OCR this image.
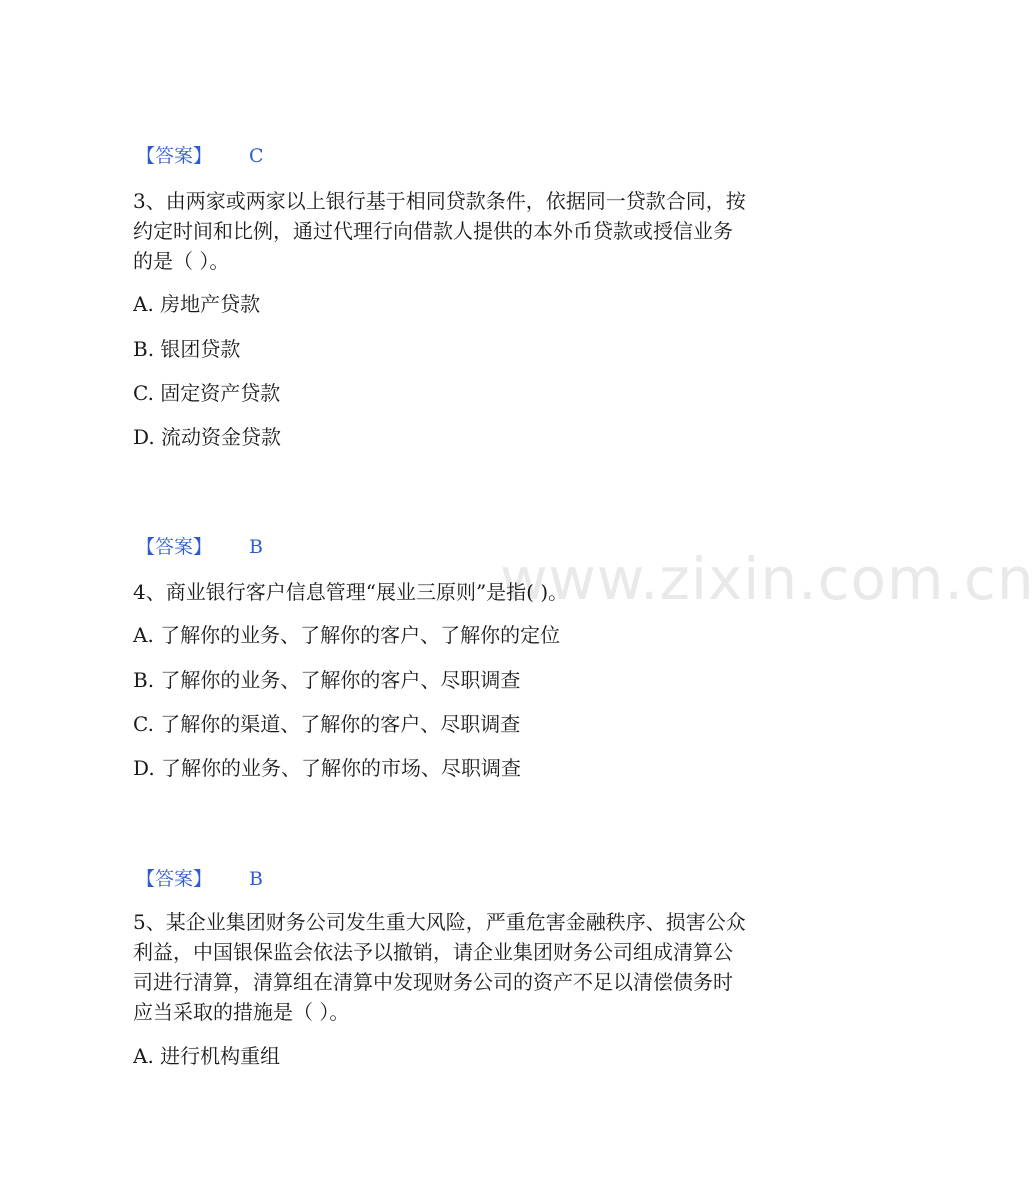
www.zixin.com.cn
【答案】 C
3、由两家或两家以上银行基于相同贷款条件，依据同一贷款合同，按
约定时间和比例，通过代理行向借款人提供的本外币贷款或授信业务
的是（ ）。
A. 房地产贷款
B. 银团贷款
C. 固定资产贷款
D. 流动资金贷款
【答案】 B
4、商业银行客户信息管理“展业三原则”是指( )。
A. 了解你的业务、了解你的客户、了解你的定位
B. 了解你的业务、了解你的客户、尽职调查
C. 了解你的渠道、了解你的客户、尽职调查
D. 了解你的业务、了解你的市场、尽职调查
【答案】 B
5、某企业集团财务公司发生重大风险，严重危害金融秩序、损害公众
利益，中国银保监会依法予以撤销，请企业集团财务公司组成清算公
司进行清算，清算组在清算中发现财务公司的资产不足以清偿债务时
应当采取的措施是（ ）。
A. 进行机构重组
